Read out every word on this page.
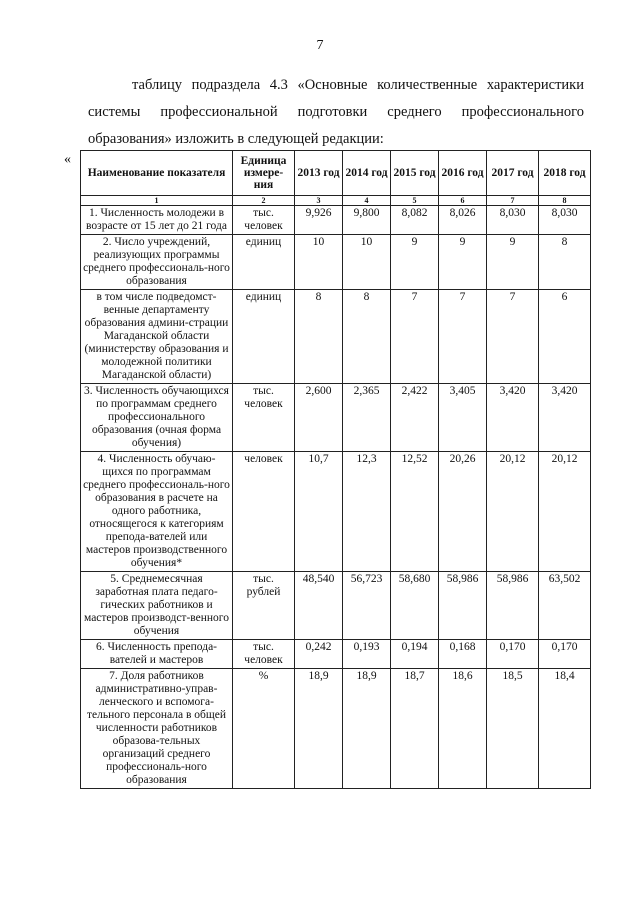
7

таблицу подраздела 4.3 «Основные количественные характеристики системы профессиональной подготовки среднего профессионального образования» изложить в следующей редакции:

«
Наименование показателя	Единица измере-ния	2013 год	2014 год	2015 год	2016 год	2017 год	2018 год
1	2	3	4	5	6	7	8
1. Численность молодежи в возрасте от 15 лет до 21 года	тыс. человек	9,926	9,800	8,082	8,026	8,030	8,030
2. Число учреждений, реализующих программы среднего профессиональ-ного образования	единиц	10	10	9	9	9	8
в том числе подведомст-венные департаменту образования админи-страции Магаданской области (министерству образования и молодежной политики Магаданской области)	единиц	8	8	7	7	7	6
3. Численность обучающихся по программам среднего профессионального образования (очная форма обучения)	тыс. человек	2,600	2,365	2,422	3,405	3,420	3,420
4. Численность обучаю-щихся по программам среднего профессиональ-ного образования в расчете на одного работника, относящегося к категориям препода-вателей или мастеров производственного обучения*	человек	10,7	12,3	12,52	20,26	20,12	20,12
5. Среднемесячная заработная плата педаго-гических работников и мастеров производст-венного обучения	тыс. рублей	48,540	56,723	58,680	58,986	58,986	63,502
6. Численность препода-вателей и мастеров	тыс. человек	0,242	0,193	0,194	0,168	0,170	0,170
7. Доля работников административно-управ-ленческого и вспомога-тельного персонала в общей численности работников образова-тельных организаций среднего профессиональ-ного образования	%	18,9	18,9	18,7	18,6	18,5	18,4
